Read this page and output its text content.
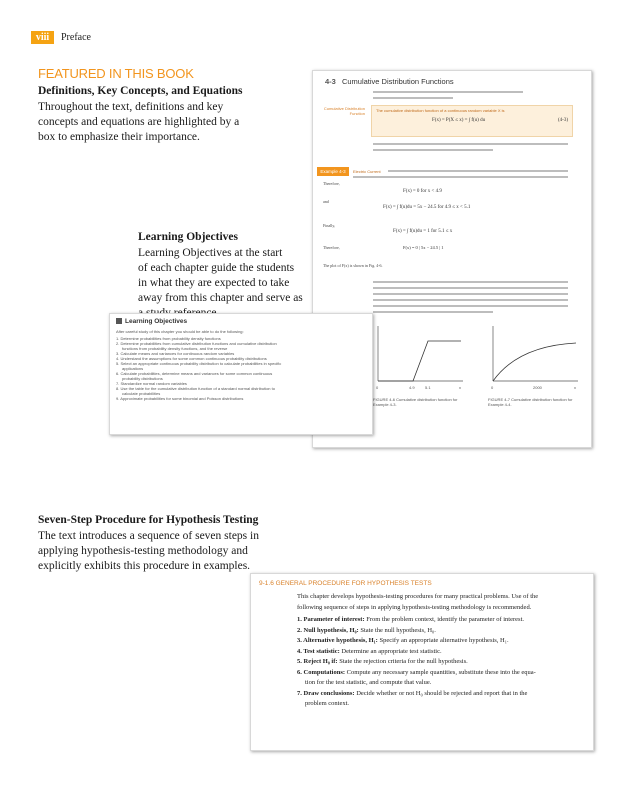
viii	Preface
FEATURED IN THIS BOOK
Definitions, Key Concepts, and Equations
Throughout the text, definitions and key
concepts and equations are highlighted by a
box to emphasize their importance.
Learning Objectives
Learning Objectives at the start
of each chapter guide the students
in what they are expected to take
away from this chapter and serve as
Seven-Step Procedure for Hypothesis Testing
The text introduces a sequence of seven steps in
applying hypothesis-testing methodology and
explicitly exhibits this procedure in examples.
4-3 Cumulative Distribution Functions
Cumulative Distribution Function
The cumulative distribution function of a continuous random variable X is
F(x) = P(X ≤ x) = ∫ f(u) du	(4-3)
Example 4-3	Electric Current
Therefore,
F(x) = 0 for x < 4.9
and
F(x) = ∫ f(u)du = 5x − 24.5 for 4.9 ≤ x < 5.1
Finally,
F(x) = ∫ f(u)du = 1 for 5.1 ≤ x
Therefore,	F(x) = 0 | 5x − 24.5 | 1
The plot of F(x) is shown in Fig. 4-6.
0	4.9	5.1	x	0	2000	x
FIGURE 4-6 Cumulative distribution function for Example 4-3.
FIGURE 4-7 Cumulative distribution function for Example 4-4.
Learning Objectives
After careful study of this chapter you should be able to do the following:
1. Determine probabilities from probability density functions
2. Determine probabilities from cumulative distribution functions and cumulative distribution
functions from probability density functions, and the reverse
3. Calculate means and variances for continuous random variables
4. Understand the assumptions for some common continuous probability distributions
5. Select an appropriate continuous probability distribution to calculate probabilities in specific
applications
6. Calculate probabilities, determine means and variances for some common continuous
probability distributions
7. Standardize normal random variables
8. Use the table for the cumulative distribution function of a standard normal distribution to
calculate probabilities
9. Approximate probabilities for some binomial and Poisson distributions
9-1.6 GENERAL PROCEDURE FOR HYPOTHESIS TESTS
This chapter develops hypothesis-testing procedures for many practical problems. Use of the
following sequence of steps in applying hypothesis-testing methodology is recommended.
1. Parameter of interest: From the problem context, identify the parameter of interest.
2. Null hypothesis, H₀: State the null hypothesis, H₀.
3. Alternative hypothesis, H₁: Specify an appropriate alternative hypothesis, H₁.
4. Test statistic: Determine an appropriate test statistic.
5. Reject H₀ if: State the rejection criteria for the null hypothesis.
6. Computations: Compute any necessary sample quantities, substitute these into the equa-
tion for the test statistic, and compute that value.
7. Draw conclusions: Decide whether or not H₀ should be rejected and report that in the
problem context.
